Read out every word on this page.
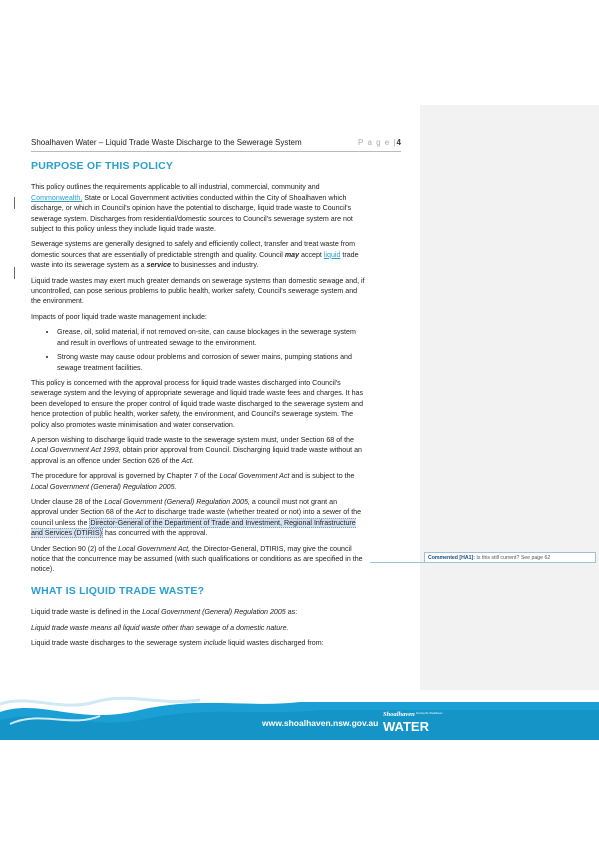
Shoalhaven Water – Liquid Trade Waste Discharge to the Sewerage System	P a g e |4
PURPOSE OF THIS POLICY

This policy outlines the requirements applicable to all industrial, commercial, community and Commonwealth, State or Local Government activities conducted within the City of Shoalhaven which discharge, or which in Council's opinion have the potential to discharge, liquid trade waste to Council's sewerage system. Discharges from residential/domestic sources to Council's sewerage system are not subject to this policy unless they include liquid trade waste.

Sewerage systems are generally designed to safely and efficiently collect, transfer and treat waste from domestic sources that are essentially of predictable strength and quality. Council may accept liquid trade waste into its sewerage system as a service to businesses and industry.

Liquid trade wastes may exert much greater demands on sewerage systems than domestic sewage and, if uncontrolled, can pose serious problems to public health, worker safety, Council's sewerage system and the environment.

Impacts of poor liquid trade waste management include:

• Grease, oil, solid material, if not removed on-site, can cause blockages in the sewerage system and result in overflows of untreated sewage to the environment.
• Strong waste may cause odour problems and corrosion of sewer mains, pumping stations and sewage treatment facilities.

This policy is concerned with the approval process for liquid trade wastes discharged into Council's sewerage system and the levying of appropriate sewerage and liquid trade waste fees and charges. It has been developed to ensure the proper control of liquid trade waste discharged to the sewerage system and hence protection of public health, worker safety, the environment, and Council's sewerage system. The policy also promotes waste minimisation and water conservation.

A person wishing to discharge liquid trade waste to the sewerage system must, under Section 68 of the Local Government Act 1993, obtain prior approval from Council. Discharging liquid trade waste without an approval is an offence under Section 626 of the Act.

The procedure for approval is governed by Chapter 7 of the Local Government Act and is subject to the Local Government (General) Regulation 2005.

Under clause 28 of the Local Government (General) Regulation 2005, a council must not grant an approval under Section 68 of the Act to discharge trade waste (whether treated or not) into a sewer of the council unless the Director-General of the Department of Trade and Investment, Regional Infrastructure and Services (DTIRIS) has concurred with the approval.

Under Section 90 (2) of the Local Government Act, the Director-General, DTIRIS, may give the council notice that the concurrence may be assumed (with such qualifications or conditions as are specified in the notice).

WHAT IS LIQUID TRADE WASTE?

Liquid trade waste is defined in the Local Government (General) Regulation 2005 as:

Liquid trade waste means all liquid waste other than sewage of a domestic nature.

Liquid trade waste discharges to the sewerage system include liquid wastes discharged from:

Commented [HA1]: Is this still current? See page 62
www.shoalhaven.nsw.gov.au
Shoalhaven
WATER
Serving the Shoalhaven
